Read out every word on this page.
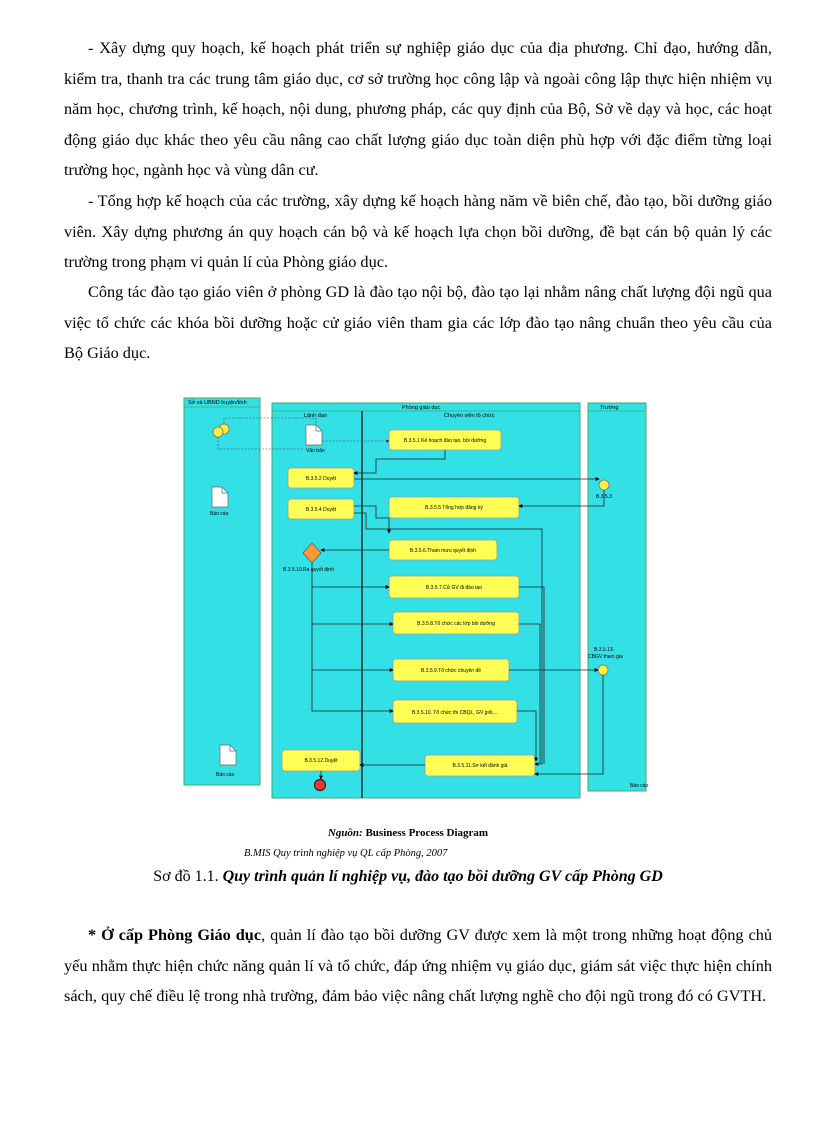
- Xây dựng quy hoạch, kế hoạch phát triển sự nghiệp giáo dục của địa phương. Chỉ đạo, hướng dẫn, kiểm tra, thanh tra các trung tâm giáo dục, cơ sở trường học công lập và ngoài công lập thực hiện nhiệm vụ năm học, chương trình, kế hoạch, nội dung, phương pháp, các quy định của Bộ, Sở về dạy và học, các hoạt động giáo dục khác theo yêu cầu nâng cao chất lượng giáo dục toàn diện phù hợp với đặc điểm từng loại trường học, ngành học và vùng dân cư.

- Tổng hợp kế hoạch của các trường, xây dựng kế hoạch hàng năm về biên chế, đào tạo, bồi dưỡng giáo viên. Xây dựng phương án quy hoạch cán bộ và kế hoạch lựa chọn bồi dưỡng, đề bạt cán bộ quản lý các trường trong phạm vi quản lí của Phòng giáo dục.

Công tác đào tạo giáo viên ở phòng GD là đào tạo nội bộ, đào tạo lại nhằm nâng chất lượng đội ngũ qua việc tổ chức các khóa bồi dưỡng hoặc cử giáo viên tham gia các lớp đào tạo nâng chuẩn theo yêu cầu của Bộ Giáo dục.

Sở và UBND huyện/tỉnh
Phòng giáo dục
Lãnh đạo	Chuyên viên tổ chức
Trường
Văn bản
Báo cáo
Báo cáo
Báo cáo
B.3.5.1 Kế hoạch đào tạo, bồi dưỡng
B.3.5.2 Duyệt
B.3.5.4 Duyệt	B.3.5.5 Tổng hợp đăng ký
B.3.5.6.Tham mưu quyết định
B.3.5.7.Cử GV đi đào tạo
B.3.5.8.Tổ chức các lớp bồi dưỡng
B.3.5.9.Tổ chức chuyên đề
B.3.5.10. Tổ chức thi CBQL, GV giỏi,...
B.3.5.11.Sơ kết đánh giá
B.3.5.12.Duyệt
B.3.5.10.Ra quyết định
B.3.5.3
B.3.5.13.
CBGV tham gia

Nguồn: Business Process Diagram

B.MIS Quy trình nghiệp vụ QL cấp Phòng, 2007

Sơ đồ 1.1. Quy trình quản lí nghiệp vụ, đào tạo bồi dưỡng GV cấp Phòng GD

* Ở cấp Phòng Giáo dục, quản lí đào tạo bồi dưỡng GV được xem là một trong những hoạt động chủ yếu nhằm thực hiện chức năng quản lí và tổ chức, đáp ứng nhiệm vụ giáo dục, giám sát việc thực hiện chính sách, quy chế điều lệ trong nhà trường, đảm bảo việc nâng chất lượng nghề cho đội ngũ trong đó có GVTH.
